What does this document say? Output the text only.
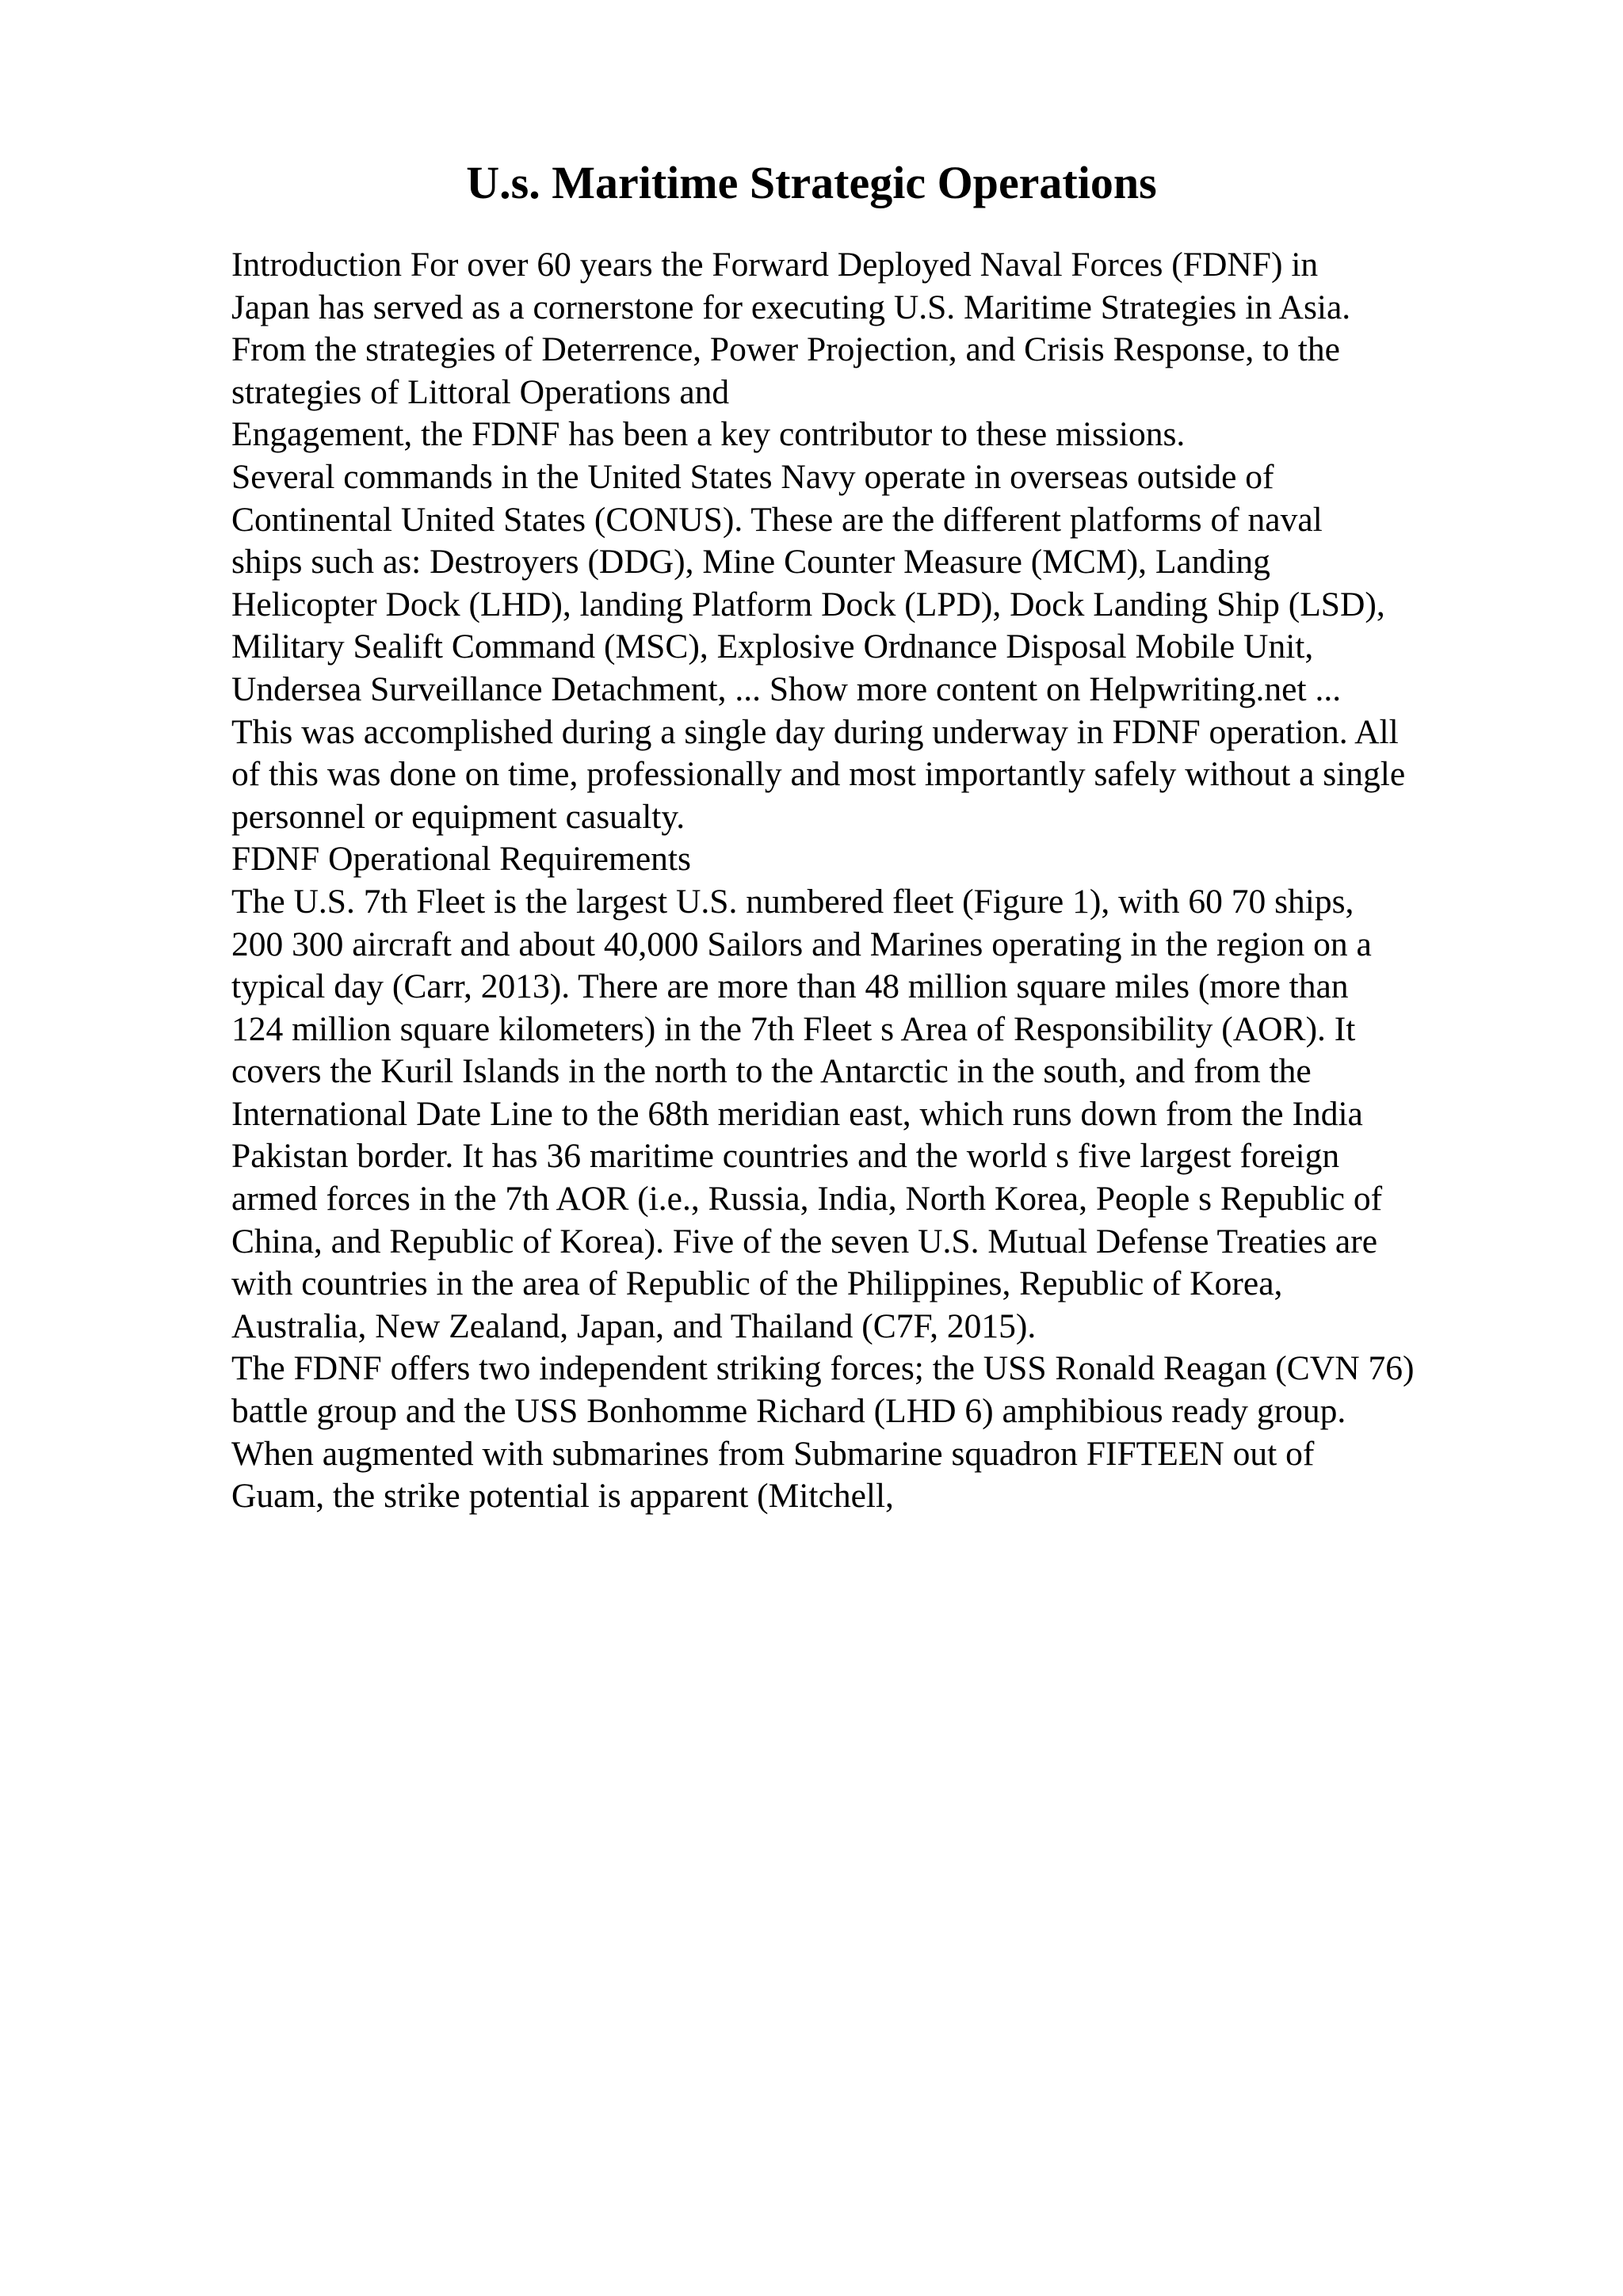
U.s. Maritime Strategic Operations
Introduction For over 60 years the Forward Deployed Naval Forces (FDNF) in
Japan has served as a cornerstone for executing U.S. Maritime Strategies in Asia.
From the strategies of Deterrence, Power Projection, and Crisis Response, to the
strategies of Littoral Operations and
Engagement, the FDNF has been a key contributor to these missions.
Several commands in the United States Navy operate in overseas outside of
Continental United States (CONUS). These are the different platforms of naval
ships such as: Destroyers (DDG), Mine Counter Measure (MCM), Landing
Helicopter Dock (LHD), landing Platform Dock (LPD), Dock Landing Ship (LSD),
Military Sealift Command (MSC), Explosive Ordnance Disposal Mobile Unit,
Undersea Surveillance Detachment, ... Show more content on Helpwriting.net ...
This was accomplished during a single day during underway in FDNF operation. All
of this was done on time, professionally and most importantly safely without a single
personnel or equipment casualty.
FDNF Operational Requirements
The U.S. 7th Fleet is the largest U.S. numbered fleet (Figure 1), with 60 70 ships,
200 300 aircraft and about 40,000 Sailors and Marines operating in the region on a
typical day (Carr, 2013). There are more than 48 million square miles (more than
124 million square kilometers) in the 7th Fleet s Area of Responsibility (AOR). It
covers the Kuril Islands in the north to the Antarctic in the south, and from the
International Date Line to the 68th meridian east, which runs down from the India
Pakistan border. It has 36 maritime countries and the world s five largest foreign
armed forces in the 7th AOR (i.e., Russia, India, North Korea, People s Republic of
China, and Republic of Korea). Five of the seven U.S. Mutual Defense Treaties are
with countries in the area of Republic of the Philippines, Republic of Korea,
Australia, New Zealand, Japan, and Thailand (C7F, 2015).
The FDNF offers two independent striking forces; the USS Ronald Reagan (CVN 76)
battle group and the USS Bonhomme Richard (LHD 6) amphibious ready group.
When augmented with submarines from Submarine squadron FIFTEEN out of
Guam, the strike potential is apparent (Mitchell,
